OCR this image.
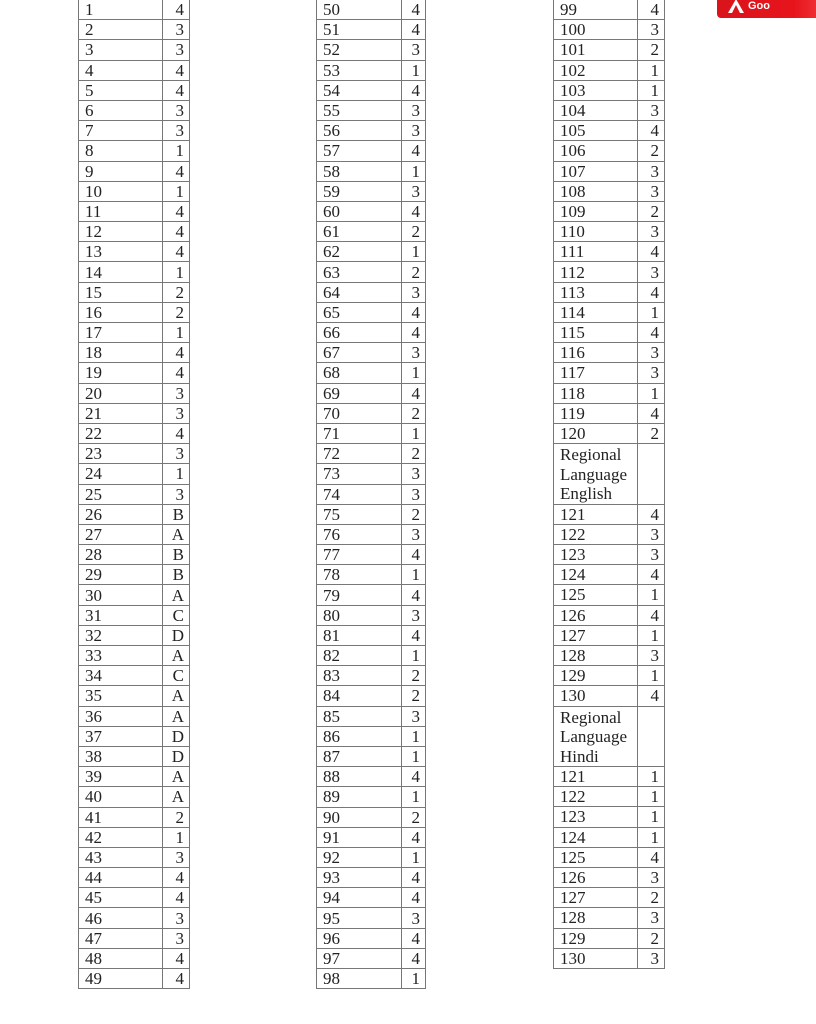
1	4
2	3
3	3
4	4
5	4
6	3
7	3
8	1
9	4
10	1
11	4
12	4
13	4
14	1
15	2
16	2
17	1
18	4
19	4
20	3
21	3
22	4
23	3
24	1
25	3
26	B
27	A
28	B
29	B
30	A
31	C
32	D
33	A
34	C
35	A
36	A
37	D
38	D
39	A
40	A
41	2
42	1
43	3
44	4
45	4
46	3
47	3
48	4
49	4
50	4
51	4
52	3
53	1
54	4
55	3
56	3
57	4
58	1
59	3
60	4
61	2
62	1
63	2
64	3
65	4
66	4
67	3
68	1
69	4
70	2
71	1
72	2
73	3
74	3
75	2
76	3
77	4
78	1
79	4
80	3
81	4
82	1
83	2
84	2
85	3
86	1
87	1
88	4
89	1
90	2
91	4
92	1
93	4
94	4
95	3
96	4
97	4
98	1
99	4
100	3
101	2
102	1
103	1
104	3
105	4
106	2
107	3
108	3
109	2
110	3
111	4
112	3
113	4
114	1
115	4
116	3
117	3
118	1
119	4
120	2
Regional Language English	
121	4
122	3
123	3
124	4
125	1
126	4
127	1
128	3
129	1
130	4
Regional Language Hindi	
121	1
122	1
123	1
124	1
125	4
126	3
127	2
128	3
129	2
130	3
Goo
